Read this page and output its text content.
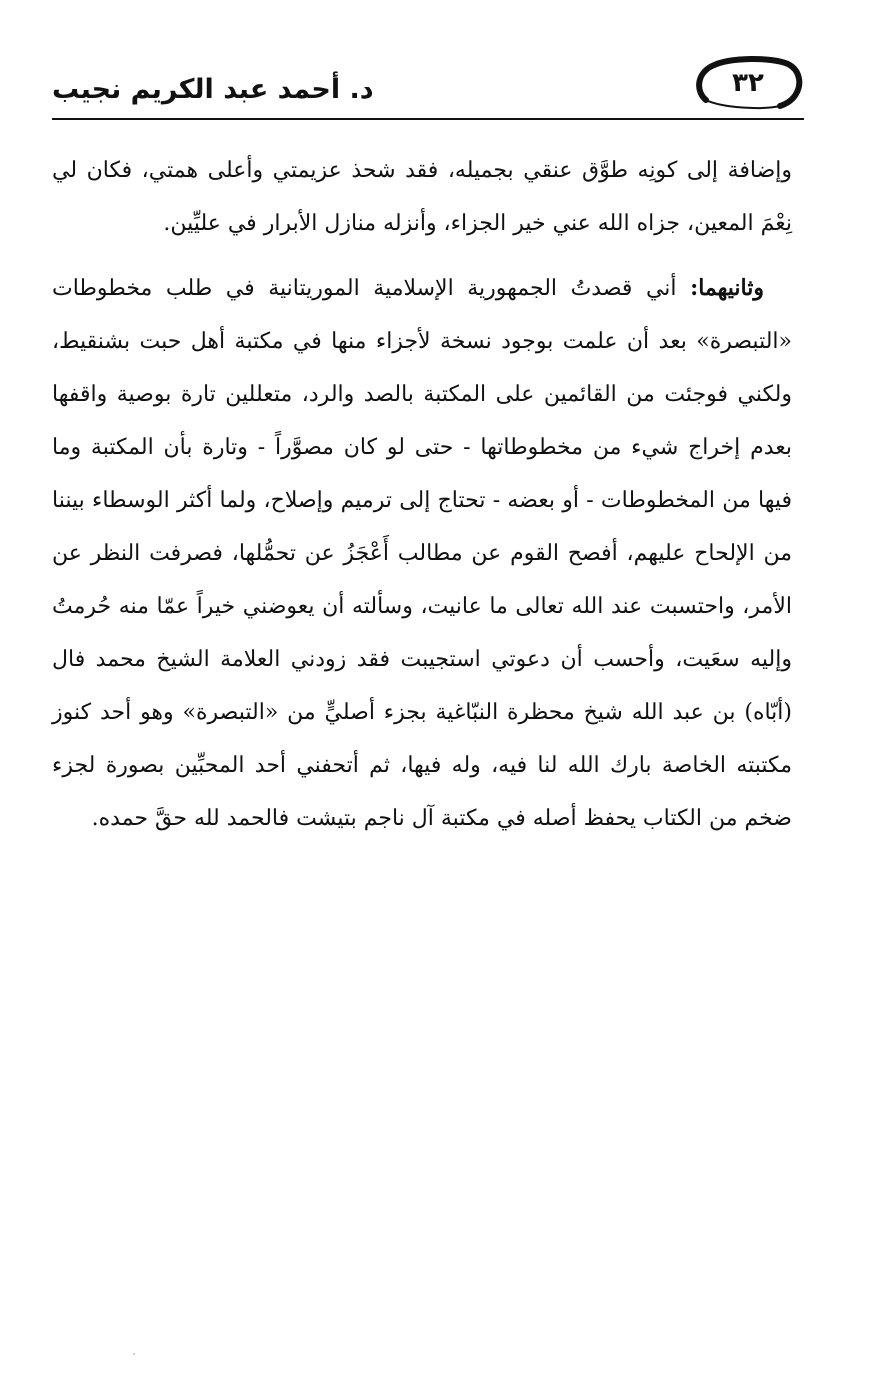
د. أحمد عبد الكريم نجيب	٣٢

وإضافة إلى كونِه طوَّق عنقي بجميله، فقد شحذ عزيمتي وأعلى همتي، فكان لي نِعْمَ المعين، جزاه الله عني خير الجزاء، وأنزله منازل الأبرار في عليِّين.

وثانيهما: أني قصدتُ الجمهورية الإسلامية الموريتانية في طلب مخطوطات «التبصرة» بعد أن علمت بوجود نسخة لأجزاء منها في مكتبة أهل حبت بشنقيط، ولكني فوجئت من القائمين على المكتبة بالصد والرد، متعللين تارة بوصية واقفها بعدم إخراج شيء من مخطوطاتها - حتى لو كان مصوَّراً - وتارة بأن المكتبة وما فيها من المخطوطات - أو بعضه - تحتاج إلى ترميم وإصلاح، ولما أكثر الوسطاء بيننا من الإلحاح عليهم، أفصح القوم عن مطالب أَعْجَزُ عن تحمُّلها، فصرفت النظر عن الأمر، واحتسبت عند الله تعالى ما عانيت، وسألته أن يعوضني خيراً عمّا منه حُرمتُ وإليه سعَيت، وأحسب أن دعوتي استجيبت فقد زودني العلامة الشيخ محمد فال (أبّاه) بن عبد الله شيخ محظرة النبّاغية بجزء أصليٍّ من «التبصرة» وهو أحد كنوز مكتبته الخاصة بارك الله لنا فيه، وله فيها، ثم أتحفني أحد المحبِّين بصورة لجزء ضخم من الكتاب يحفظ أصله في مكتبة آل ناجم بتيشت فالحمد لله حقَّ حمده.
